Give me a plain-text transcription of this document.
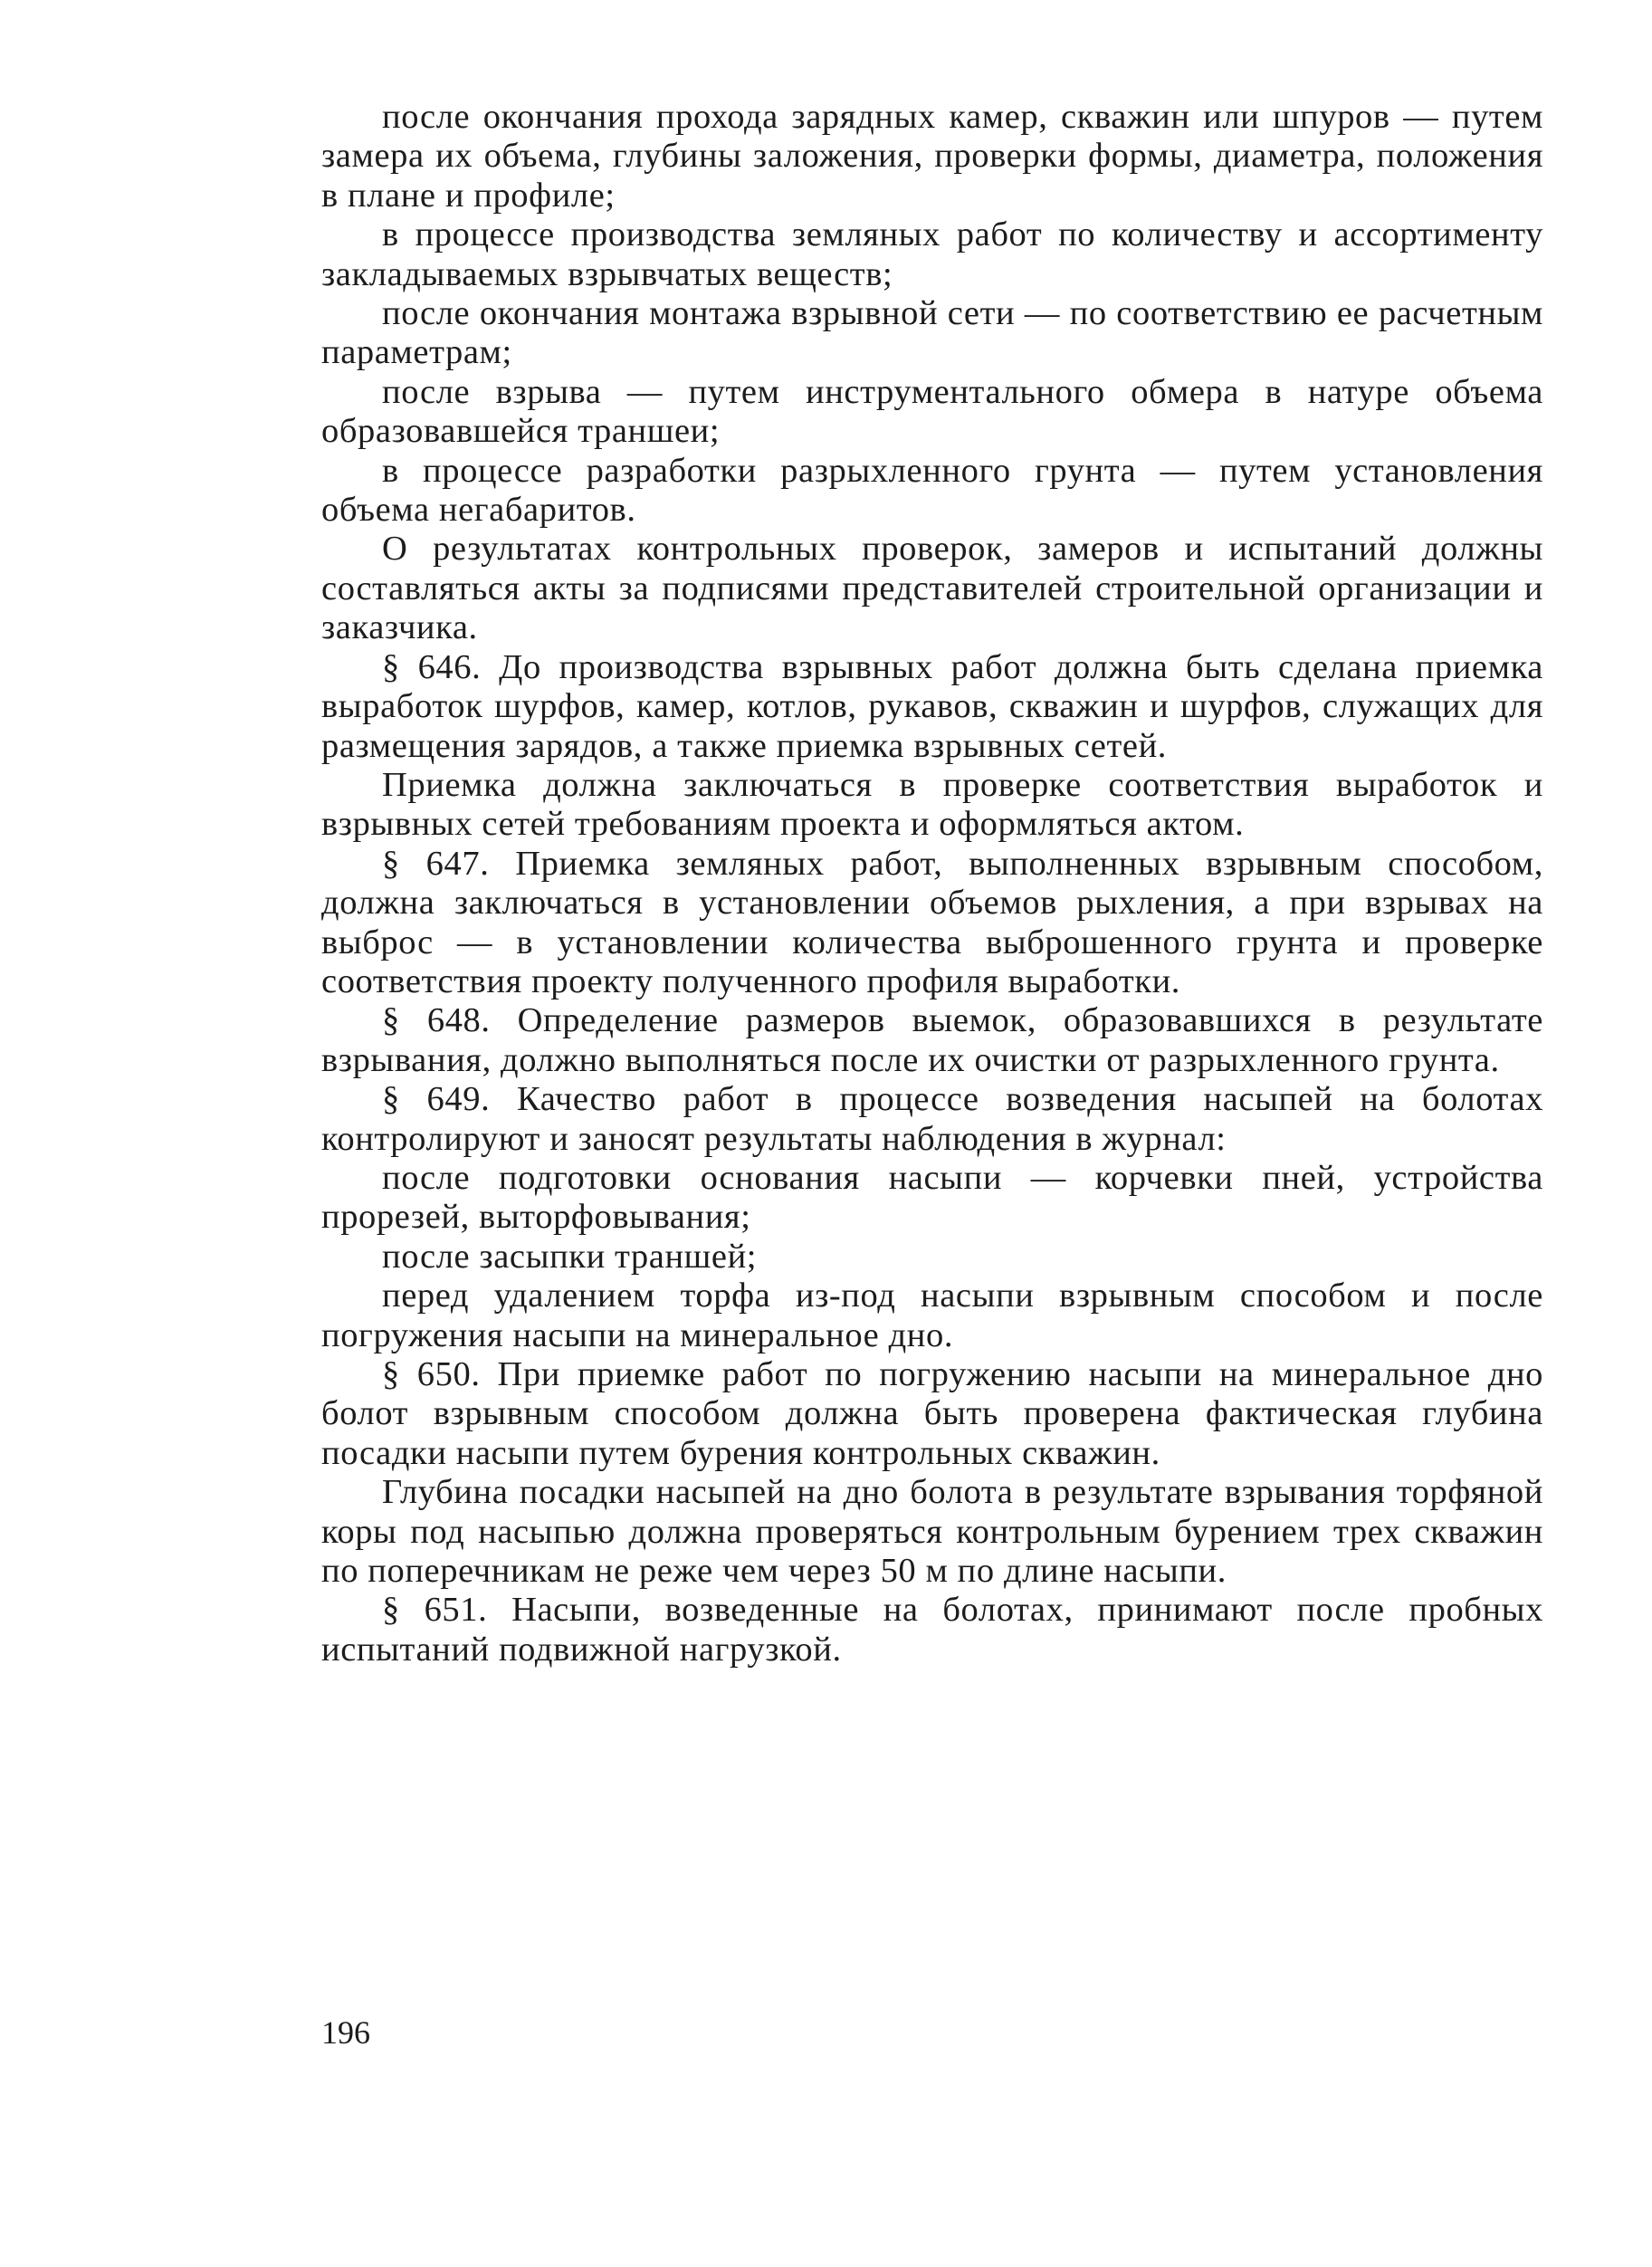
после окончания прохода зарядных камер, скважин или шпуров — путем замера их объема, глубины заложения, проверки формы, диаметра, положения в плане и профиле;

в процессе производства земляных работ по количеству и ассортименту закладываемых взрывчатых веществ;

после окончания монтажа взрывной сети — по соответствию ее расчетным параметрам;

после взрыва — путем инструментального обмера в натуре объема образовавшейся траншеи;

в процессе разработки разрыхленного грунта — путем установления объема негабаритов.

О результатах контрольных проверок, замеров и испытаний должны составляться акты за подписями представителей строительной организации и заказчика.

§ 646. До производства взрывных работ должна быть сделана приемка выработок шурфов, камер, котлов, рукавов, скважин и шурфов, служащих для размещения зарядов, а также приемка взрывных сетей.

Приемка должна заключаться в проверке соответствия выработок и взрывных сетей требованиям проекта и оформляться актом.

§ 647. Приемка земляных работ, выполненных взрывным способом, должна заключаться в установлении объемов рыхления, а при взрывах на выброс — в установлении количества выброшенного грунта и проверке соответствия проекту полученного профиля выработки.

§ 648. Определение размеров выемок, образовавшихся в результате взрывания, должно выполняться после их очистки от разрыхленного грунта.

§ 649. Качество работ в процессе возведения насыпей на болотах контролируют и заносят результаты наблюдения в журнал:

после подготовки основания насыпи — корчевки пней, устройства прорезей, выторфовывания;

после засыпки траншей;

перед удалением торфа из-под насыпи взрывным способом и после погружения насыпи на минеральное дно.

§ 650. При приемке работ по погружению насыпи на минеральное дно болот взрывным способом должна быть проверена фактическая глубина посадки насыпи путем бурения контрольных скважин.

Глубина посадки насыпей на дно болота в результате взрывания торфяной коры под насыпью должна проверяться контрольным бурением трех скважин по поперечникам не реже чем через 50 м по длине насыпи.

§ 651. Насыпи, возведенные на болотах, принимают после пробных испытаний подвижной нагрузкой.

196
